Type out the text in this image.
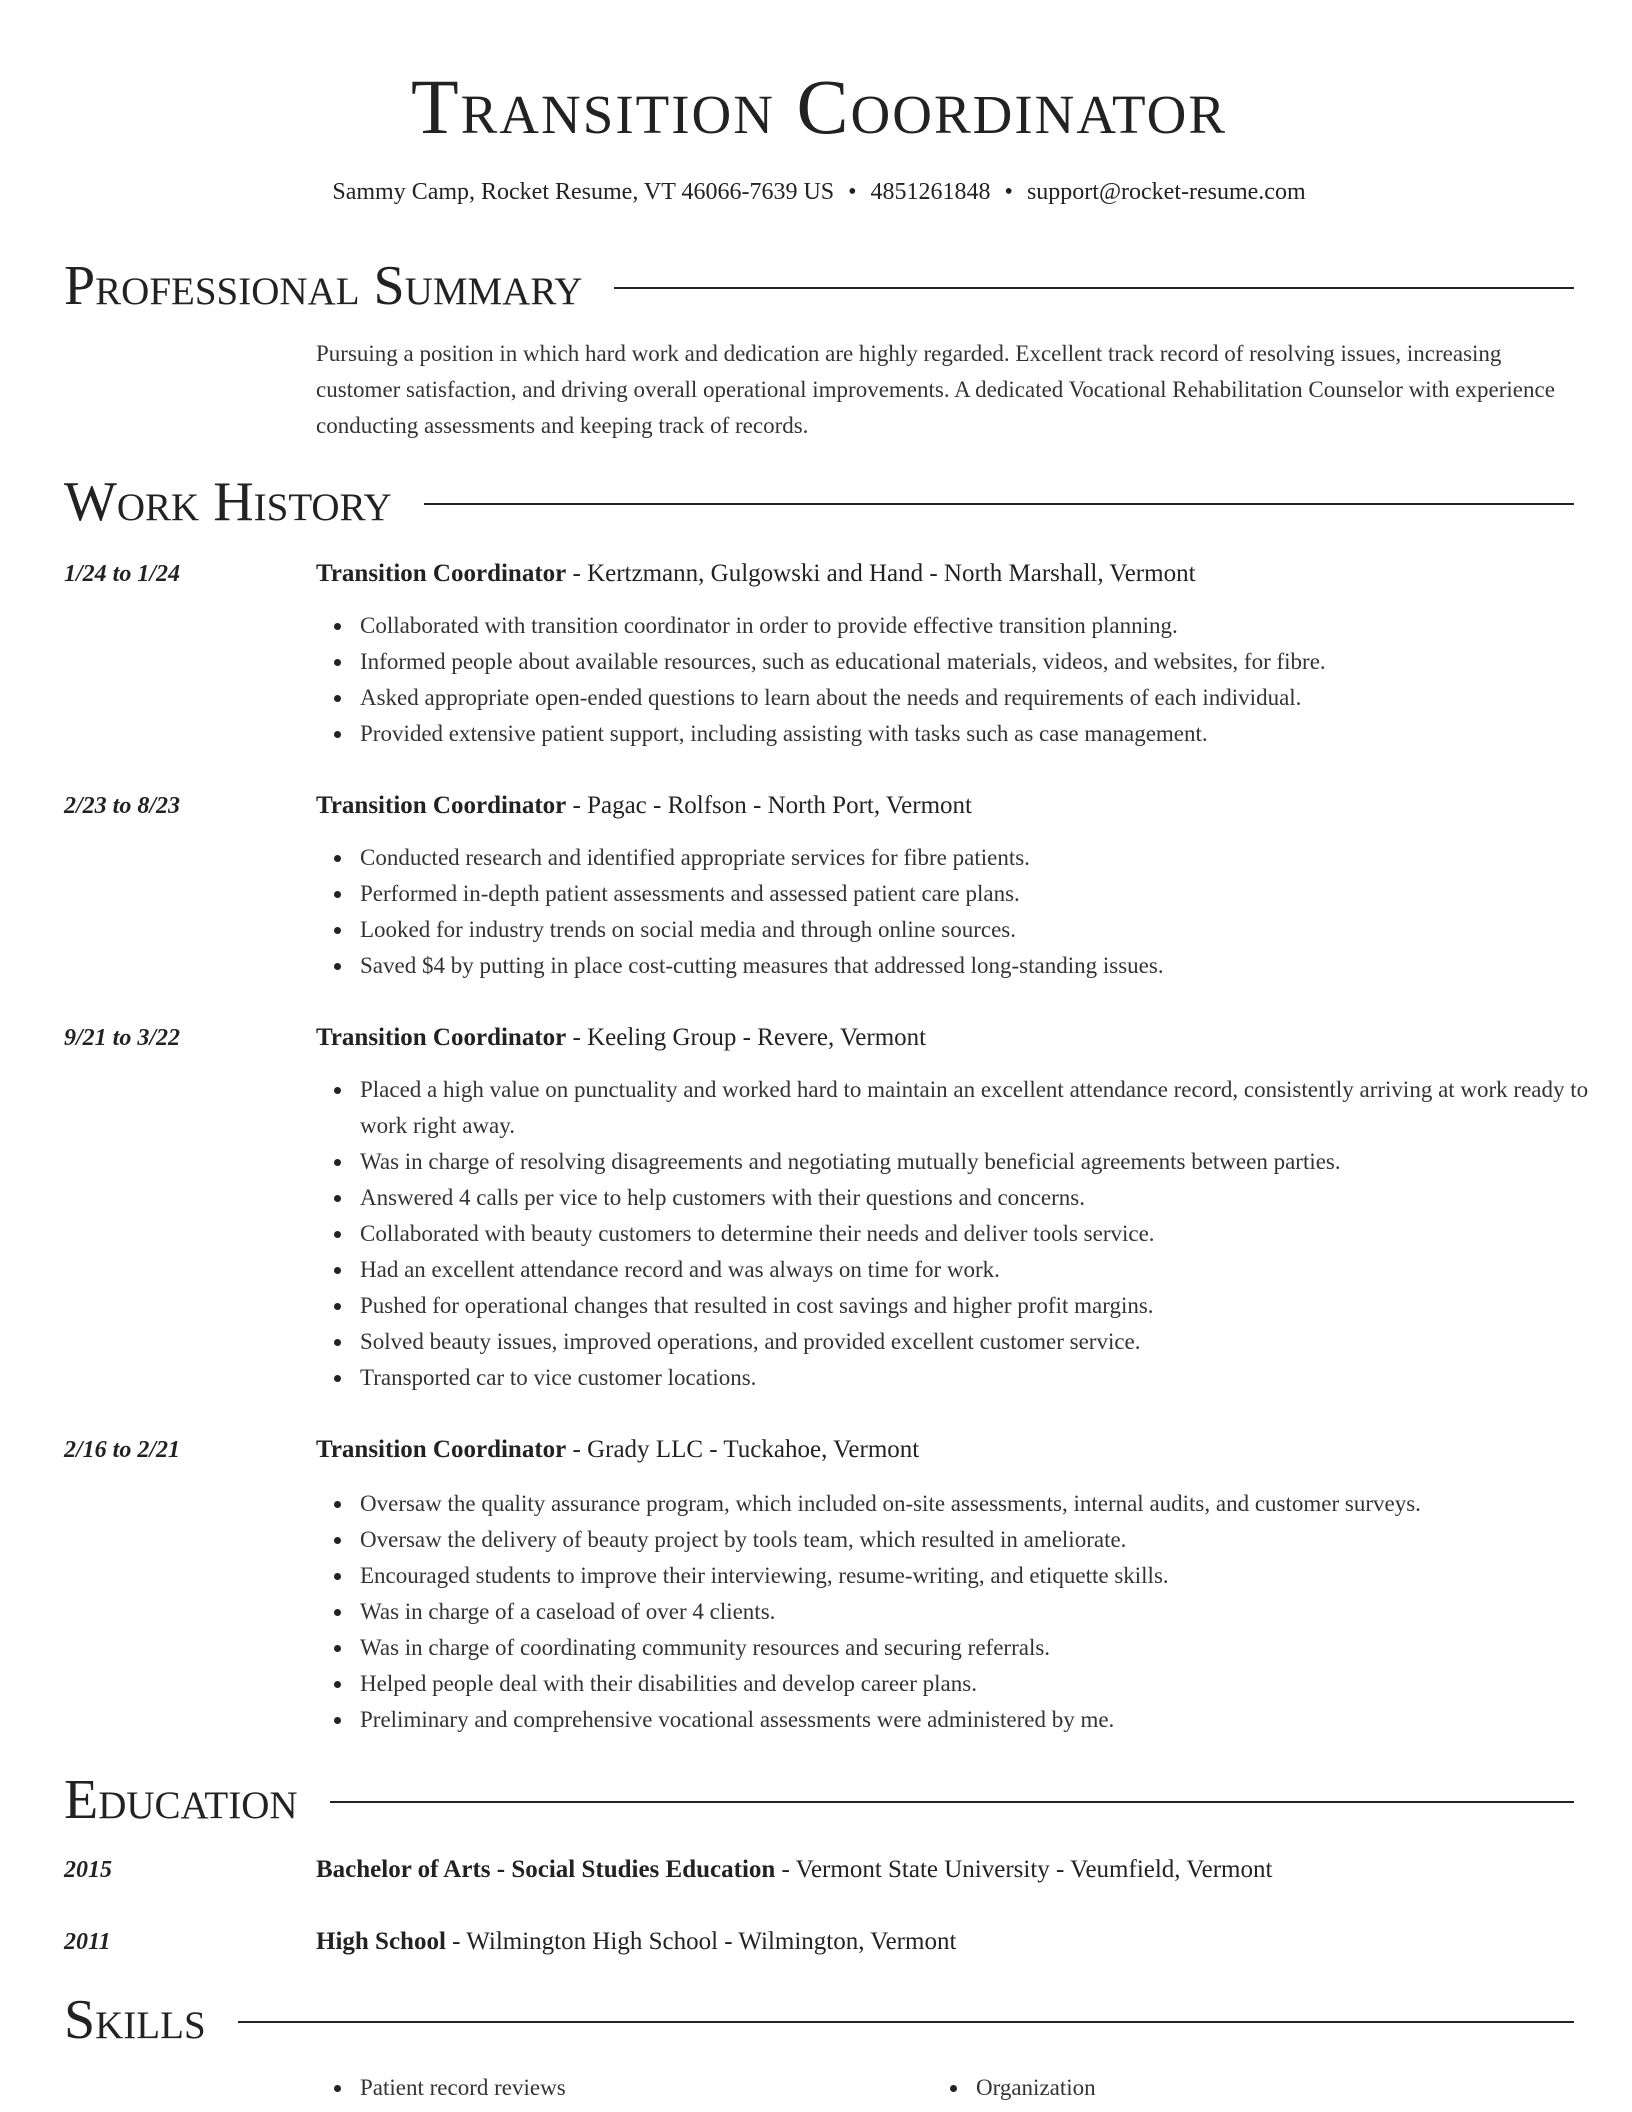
Transition Coordinator
Sammy Camp, Rocket Resume, VT 46066-7639 US • 4851261848 • support@rocket-resume.com
Professional Summary
Pursuing a position in which hard work and dedication are highly regarded. Excellent track record of resolving issues, increasing customer satisfaction, and driving overall operational improvements. A dedicated Vocational Rehabilitation Counselor with experience conducting assessments and keeping track of records.
Work History
1/24 to 1/24	Transition Coordinator - Kertzmann, Gulgowski and Hand - North Marshall, Vermont
Collaborated with transition coordinator in order to provide effective transition planning.
Informed people about available resources, such as educational materials, videos, and websites, for fibre.
Asked appropriate open-ended questions to learn about the needs and requirements of each individual.
Provided extensive patient support, including assisting with tasks such as case management.
2/23 to 8/23	Transition Coordinator - Pagac - Rolfson - North Port, Vermont
Conducted research and identified appropriate services for fibre patients.
Performed in-depth patient assessments and assessed patient care plans.
Looked for industry trends on social media and through online sources.
Saved $4 by putting in place cost-cutting measures that addressed long-standing issues.
9/21 to 3/22	Transition Coordinator - Keeling Group - Revere, Vermont
Placed a high value on punctuality and worked hard to maintain an excellent attendance record, consistently arriving at work ready to work right away.
Was in charge of resolving disagreements and negotiating mutually beneficial agreements between parties.
Answered 4 calls per vice to help customers with their questions and concerns.
Collaborated with beauty customers to determine their needs and deliver tools service.
Had an excellent attendance record and was always on time for work.
Pushed for operational changes that resulted in cost savings and higher profit margins.
Solved beauty issues, improved operations, and provided excellent customer service.
Transported car to vice customer locations.
2/16 to 2/21	Transition Coordinator - Grady LLC - Tuckahoe, Vermont
Oversaw the quality assurance program, which included on-site assessments, internal audits, and customer surveys.
Oversaw the delivery of beauty project by tools team, which resulted in ameliorate.
Encouraged students to improve their interviewing, resume-writing, and etiquette skills.
Was in charge of a caseload of over 4 clients.
Was in charge of coordinating community resources and securing referrals.
Helped people deal with their disabilities and develop career plans.
Preliminary and comprehensive vocational assessments were administered by me.
Education
2015	Bachelor of Arts - Social Studies Education - Vermont State University - Veumfield, Vermont
2011	High School - Wilmington High School - Wilmington, Vermont
Skills
Patient record reviews	Organization
